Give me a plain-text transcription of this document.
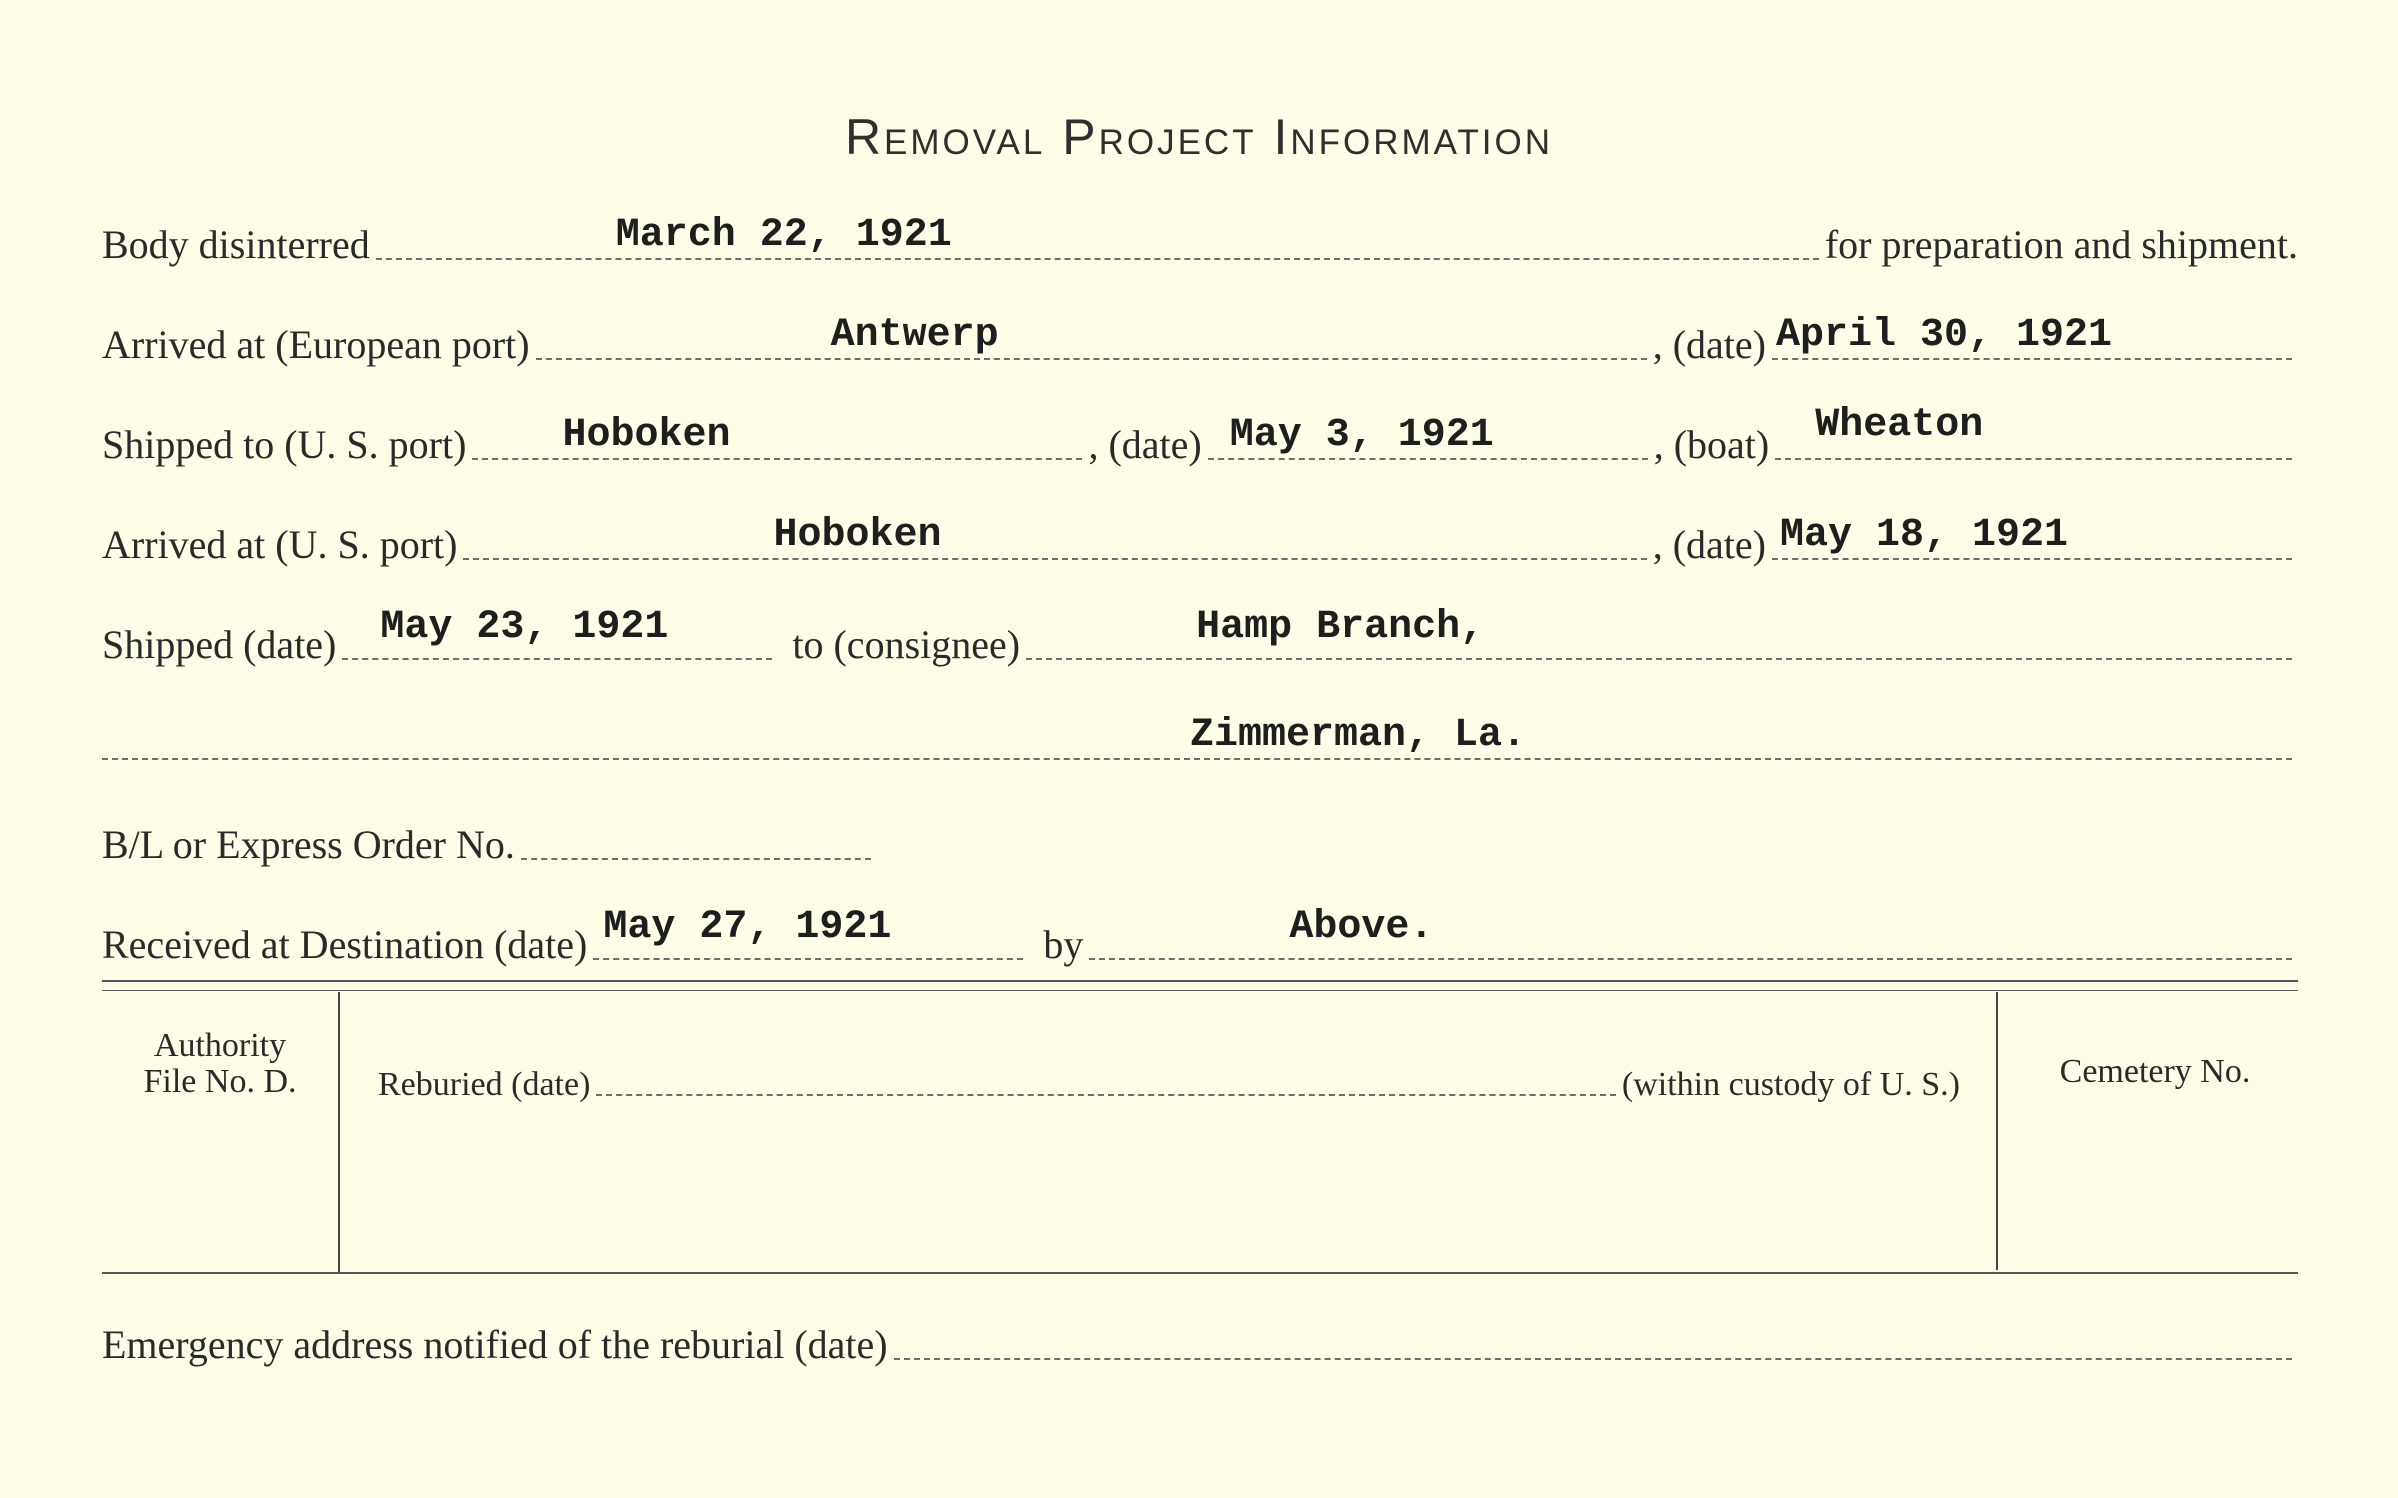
Removal Project Information
Body disinterred	March 22, 1921	for preparation and shipment.
Arrived at (European port)	Antwerp	, (date) April 30, 1921
Shipped to (U. S. port) Hoboken	, (date) May 3, 1921	, (boat) Wheaton
Arrived at (U. S. port)	Hoboken	, (date) May 18, 1921
Shipped (date) May 23, 1921	to (consignee)	Hamp Branch,
Zimmerman, La.
B/L or Express Order No.
Received at Destination (date) May 27, 1921	by	Above.
Authority
File No. D.	Reburied (date)	(within custody of U. S.)	Cemetery No.
Emergency address notified of the reburial (date)
